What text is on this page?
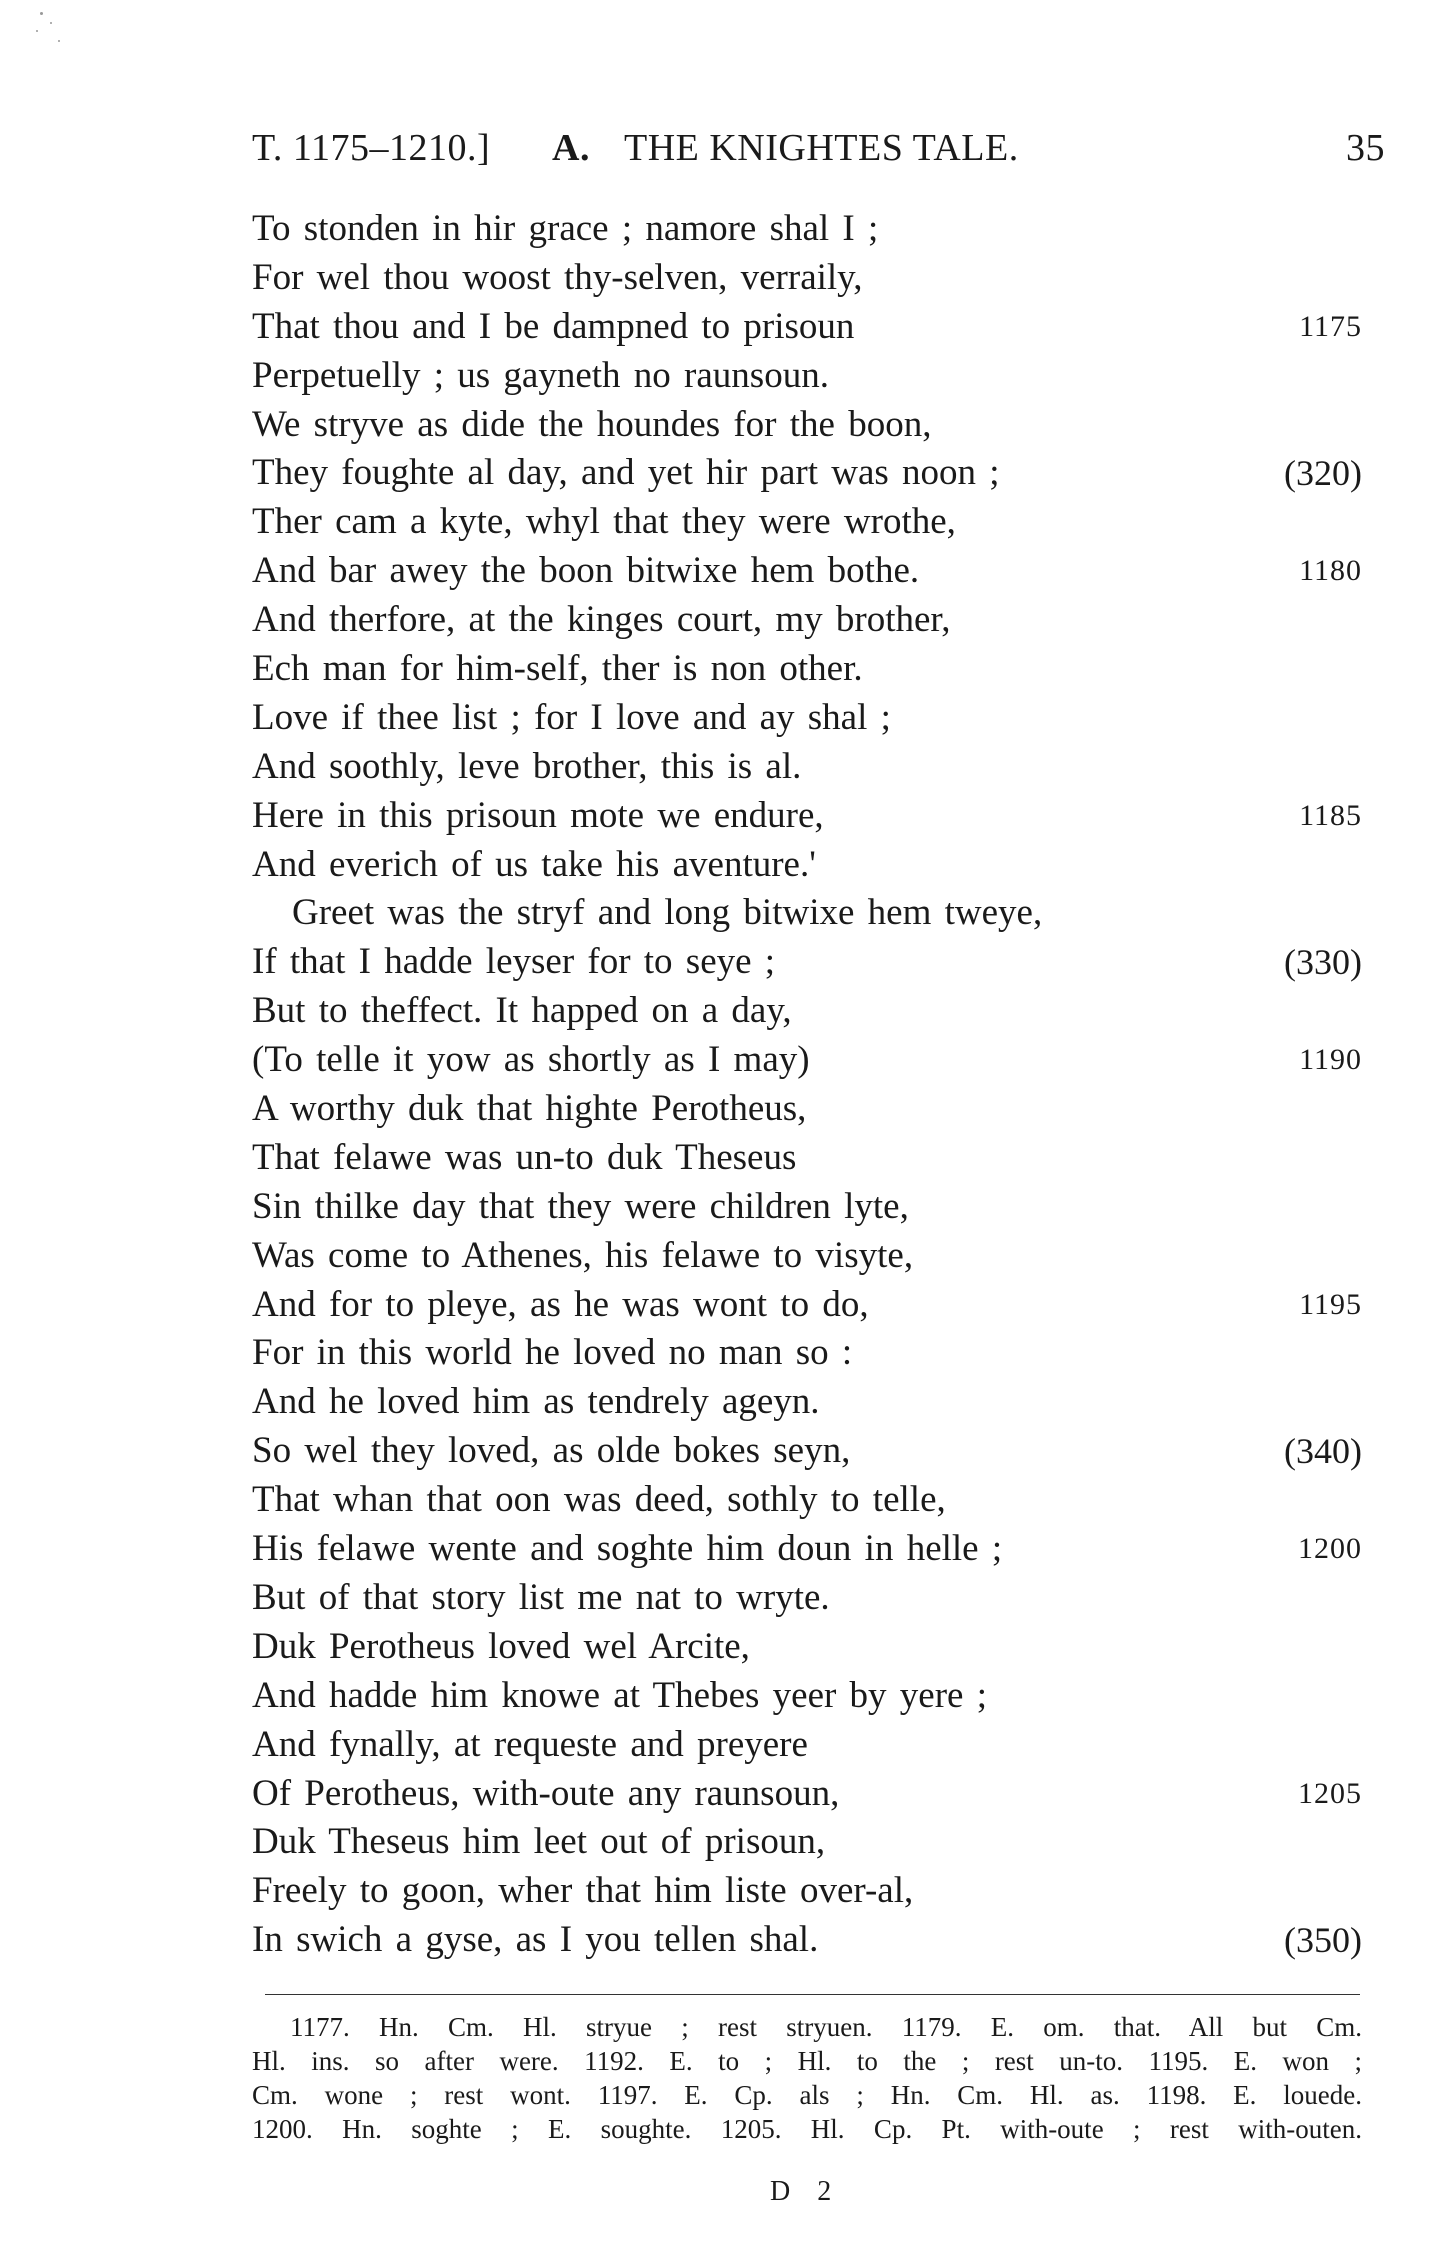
T. 1175–1210.] A. THE KNIGHTES TALE.	35
To stonden in hir grace ; namore shal I ;
For wel thou woost thy-selven, verraily,
That thou and I be dampned to prisoun	1175
Perpetuelly ; us gayneth no raunsoun.
We stryve as dide the houndes for the boon,
They foughte al day, and yet hir part was noon ;	(320)
Ther cam a kyte, whyl that they were wrothe,
And bar awey the boon bitwixe hem bothe.	1180
And therfore, at the kinges court, my brother,
Ech man for him-self, ther is non other.
Love if thee list ; for I love and ay shal ;
And soothly, leve brother, this is al.
Here in this prisoun mote we endure,	1185
And everich of us take his aventure.'
Greet was the stryf and long bitwixe hem tweye,
If that I hadde leyser for to seye ;	(330)
But to theffect. It happed on a day,
(To telle it yow as shortly as I may)	1190
A worthy duk that highte Perotheus,
That felawe was un-to duk Theseus
Sin thilke day that they were children lyte,
Was come to Athenes, his felawe to visyte,
And for to pleye, as he was wont to do,	1195
For in this world he loved no man so :
And he loved him as tendrely ageyn.
So wel they loved, as olde bokes seyn,	(340)
That whan that oon was deed, sothly to telle,
His felawe wente and soghte him doun in helle ;	1200
But of that story list me nat to wryte.
Duk Perotheus loved wel Arcite,
And hadde him knowe at Thebes yeer by yere ;
And fynally, at requeste and preyere
Of Perotheus, with-oute any raunsoun,	1205
Duk Theseus him leet out of prisoun,
Freely to goon, wher that him liste over-al,
In swich a gyse, as I you tellen shal.	(350)
1177. Hn. Cm. Hl. stryue ; rest stryuen. 1179. E. om. that. All but Cm.
Hl. ins. so after were. 1192. E. to ; Hl. to the ; rest un-to. 1195. E. won ;
Cm. wone ; rest wont. 1197. E. Cp. als ; Hn. Cm. Hl. as. 1198. E. louede.
1200. Hn. soghte ; E. soughte. 1205. Hl. Cp. Pt. with-oute ; rest with-outen.
D 2
